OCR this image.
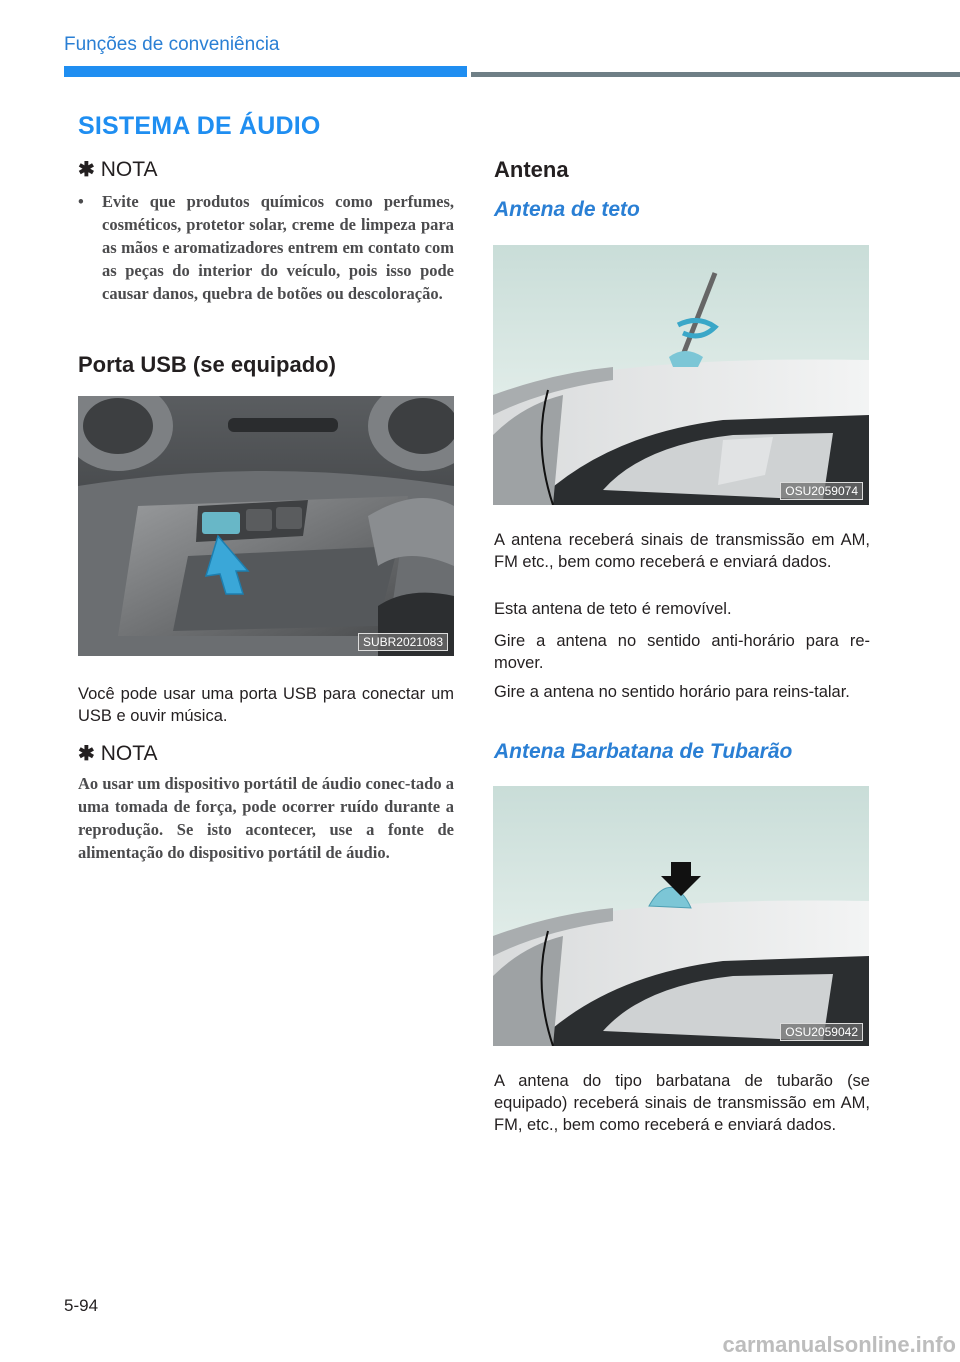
Funções de conveniência
SISTEMA DE ÁUDIO
✱ NOTA
• Evite que produtos químicos como perfumes, cosméticos, protetor solar, creme de limpeza para as mãos e aromatizadores entrem em contato com as peças do interior do veículo, pois isso pode causar danos, quebra de botões ou descoloração.
Porta USB (se equipado)
SUBR2021083
Você pode usar uma porta USB para conectar um USB e ouvir música.
✱ NOTA
Ao usar um dispositivo portátil de áudio conec-tado a uma tomada de força, pode ocorrer ruído durante a reprodução. Se isto acontecer, use a fonte de alimentação do dispositivo portátil de áudio.
Antena
Antena de teto
OSU2059074
A antena receberá sinais de transmissão em AM, FM etc., bem como receberá e enviará dados.
Esta antena de teto é removível.
Gire a antena no sentido anti-horário para re-mover.
Gire a antena no sentido horário para reins-talar.
Antena Barbatana de Tubarão
OSU2059042
A antena do tipo barbatana de tubarão (se equipado) receberá sinais de transmissão em AM, FM, etc., bem como receberá e enviará dados.
5-94
carmanualsonline.info
